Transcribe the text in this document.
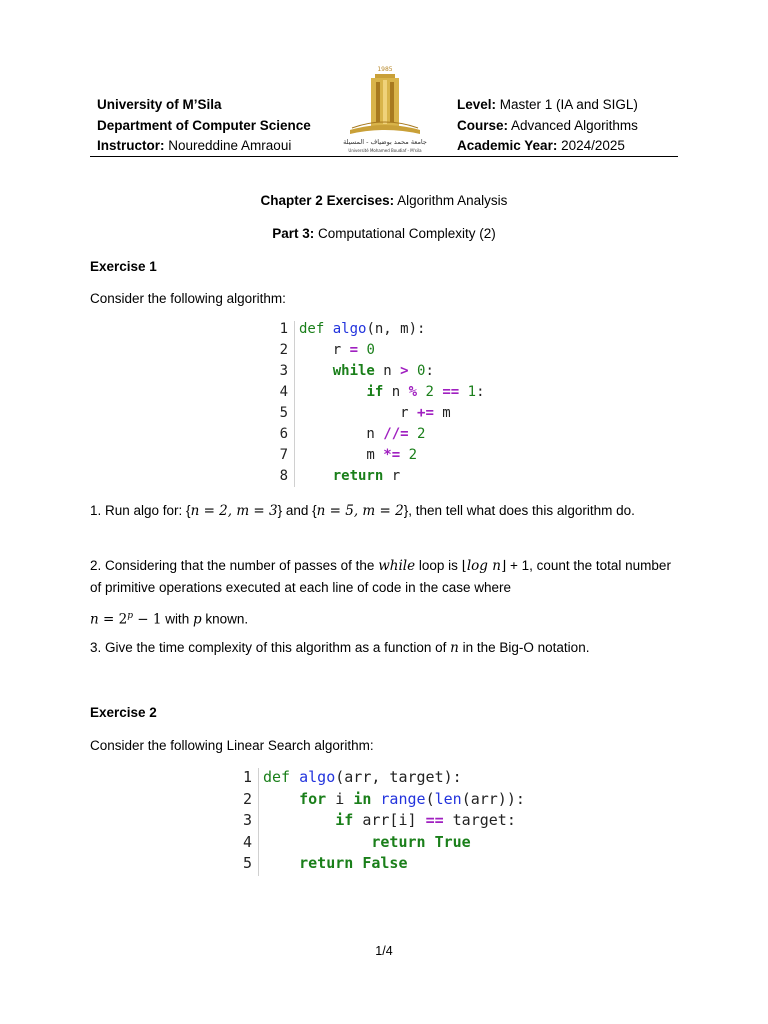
University of M’Sila
Department of Computer Science
Instructor: Noureddine Amraoui
1985
جامعة محمد بوضياف - المسيلة
Université Mohamed Boudiaf - M'sila
Level: Master 1 (IA and SIGL)
Course: Advanced Algorithms
Academic Year: 2024/2025
Chapter 2 Exercises: Algorithm Analysis
Part 3: Computational Complexity (2)
Exercise 1
Consider the following algorithm:
1
2
3
4
5
6
7
8
def algo(n, m):
r = 0
while n > 0:
if n % 2 == 1:
r += m
n //= 2
m *= 2
return r
1. Run algo for: {n = 2, m = 3} and {n = 5, m = 2}, then tell what does this algorithm do.
2. Considering that the number of passes of the while loop is ⌊log n⌋ + 1, count the total number of primitive operations executed at each line of code in the case where
$n = 2^p - 1$ with p known.
3. Give the time complexity of this algorithm as a function of n in the Big-O notation.
Exercise 2
Consider the following Linear Search algorithm:
1
2
3
4
5
def algo(arr, target):
for i in range(len(arr)):
if arr[i] == target:
return True
return False
1/4
